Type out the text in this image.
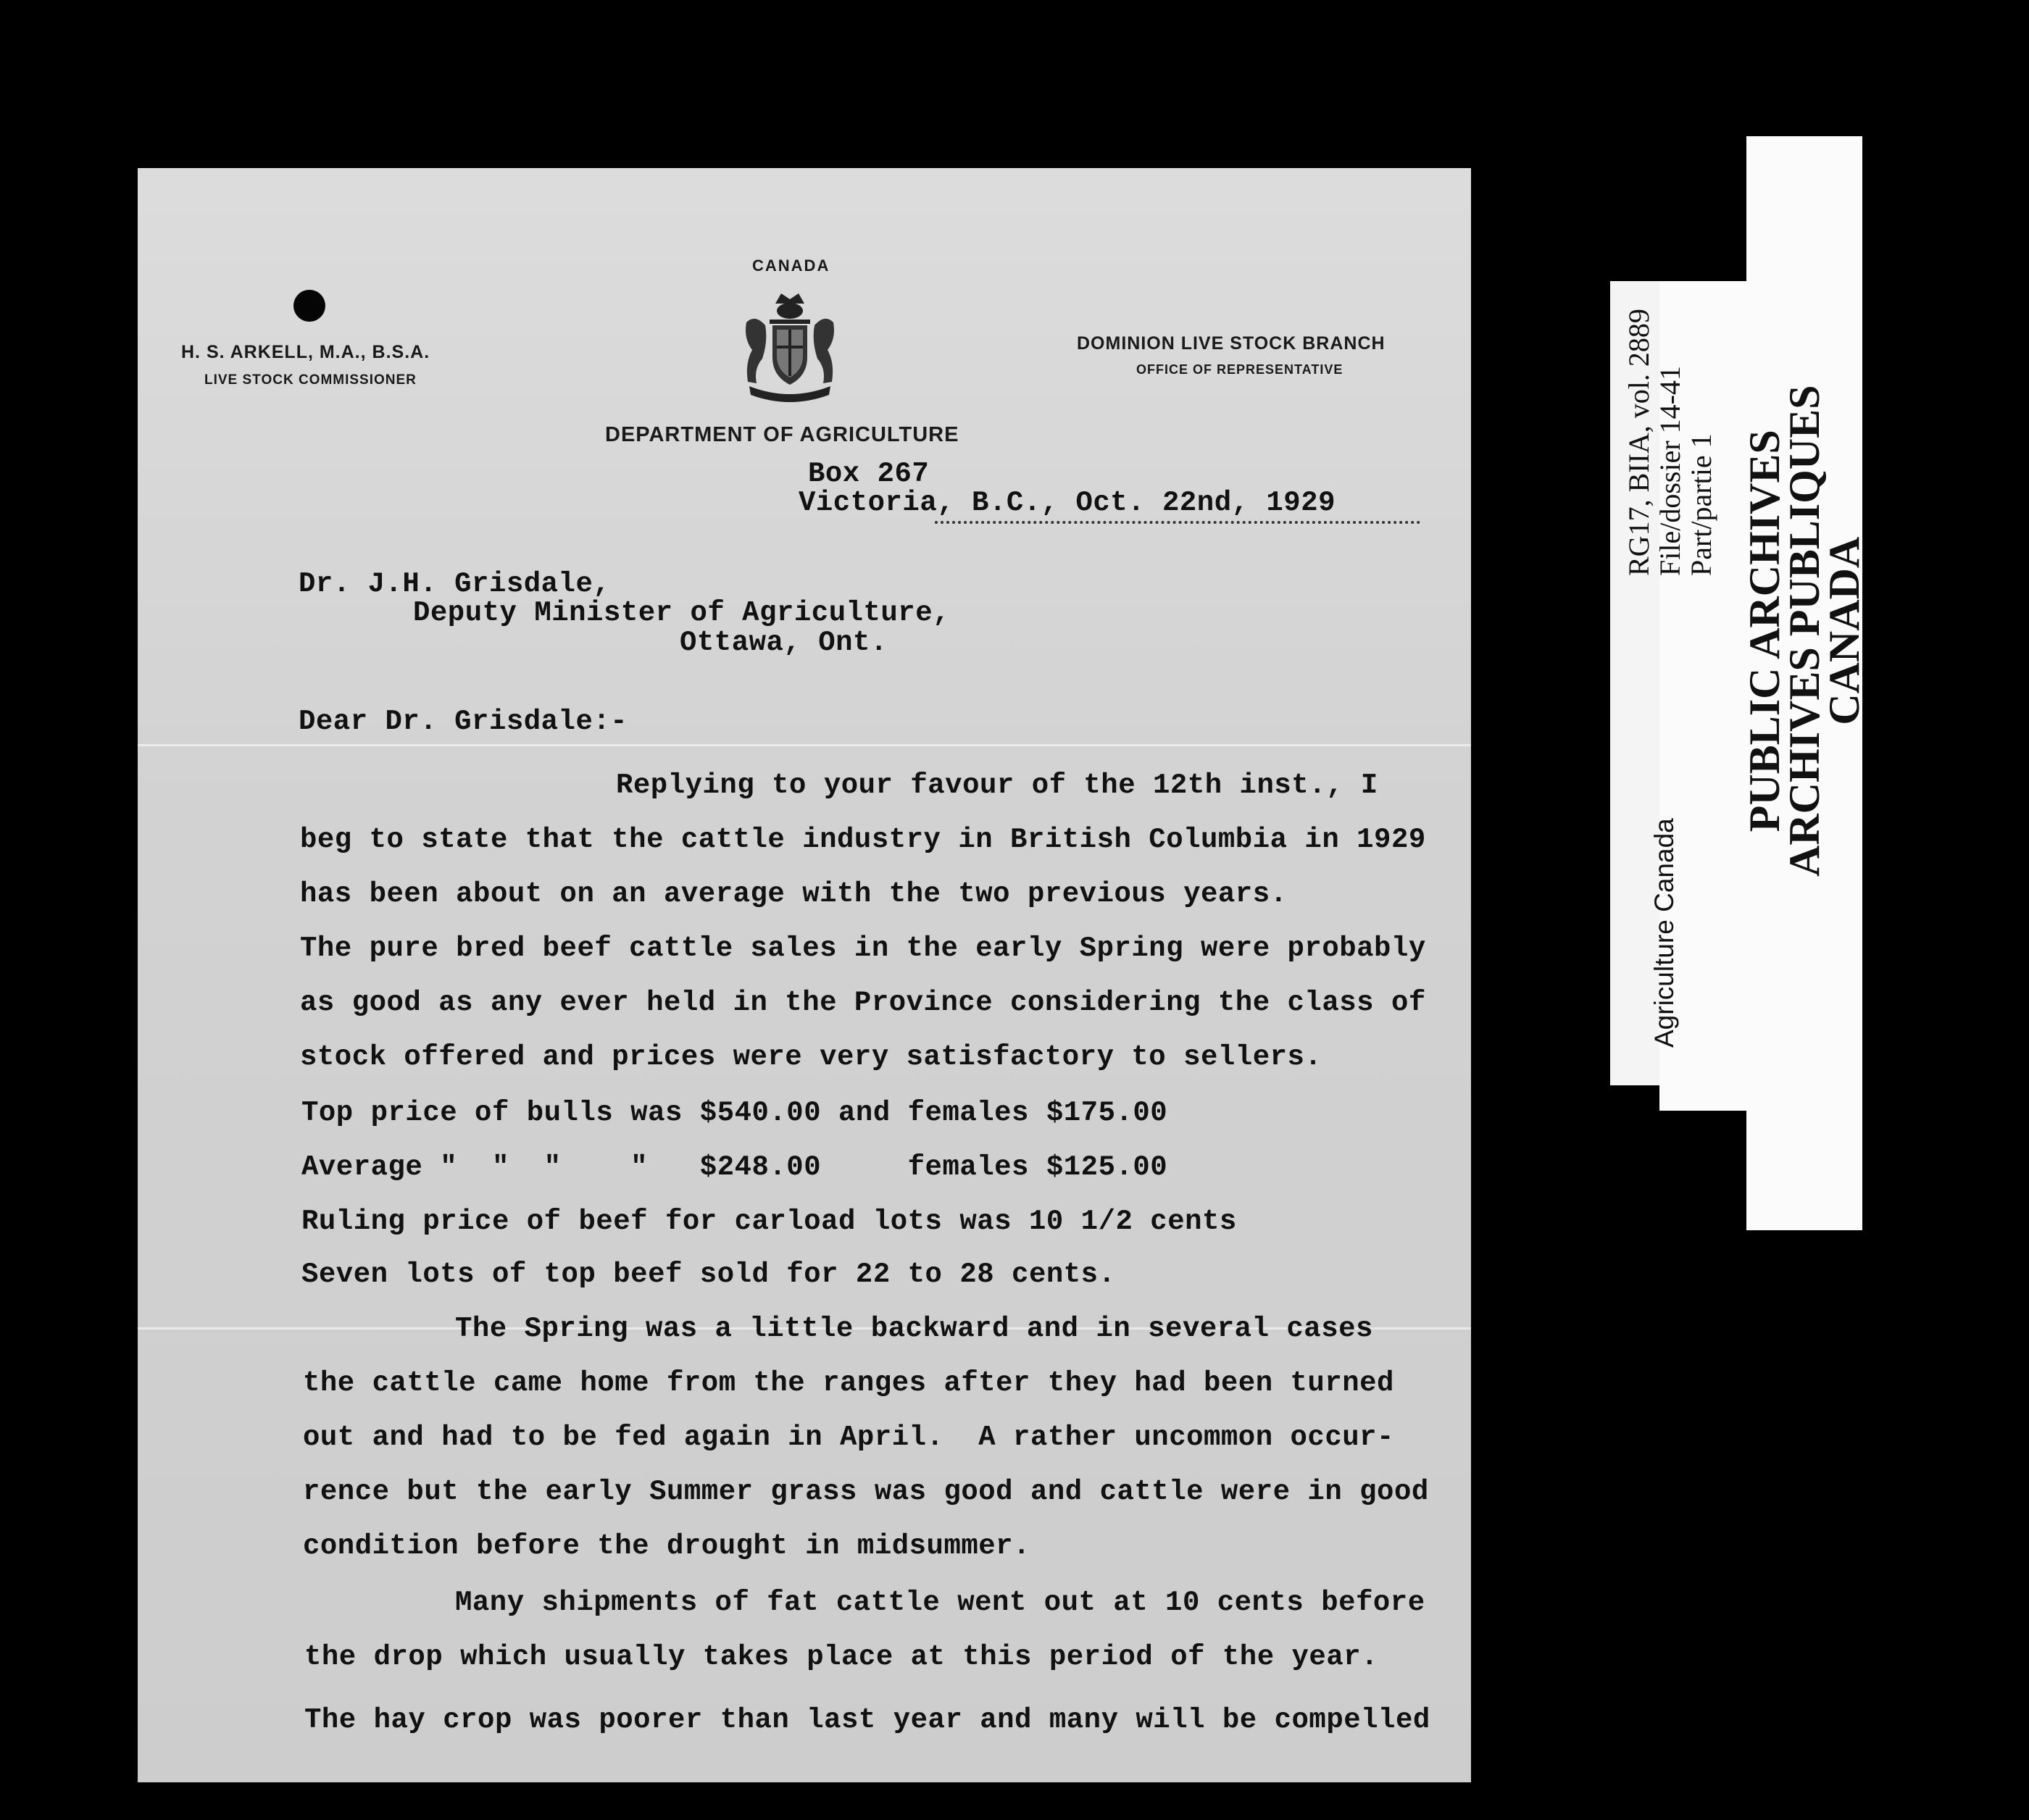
CANADA
H. S. ARKELL, M.A., B.S.A.
LIVE STOCK COMMISSIONER
DOMINION LIVE STOCK BRANCH
OFFICE OF REPRESENTATIVE
DEPARTMENT OF AGRICULTURE
Box 267
Victoria, B.C., Oct. 22nd, 1929
Dr. J.H. Grisdale,
Deputy Minister of Agriculture,
Ottawa, Ont.
Dear Dr. Grisdale:-
Replying to your favour of the 12th inst., I
beg to state that the cattle industry in British Columbia in 1929
has been about on an average with the two previous years.
The pure bred beef cattle sales in the early Spring were probably
as good as any ever held in the Province considering the class of
stock offered and prices were very satisfactory to sellers.
Top price of bulls was $540.00 and females $175.00
Average "  "  "    "   $248.00     females $125.00
Ruling price of beef for carload lots was 10 1/2 cents
Seven lots of top beef sold for 22 to 28 cents.
The Spring was a little backward and in several cases
the cattle came home from the ranges after they had been turned
out and had to be fed again in April.  A rather uncommon occur-
rence but the early Summer grass was good and cattle were in good
condition before the drought in midsummer.
Many shipments of fat cattle went out at 10 cents before
the drop which usually takes place at this period of the year.
The hay crop was poorer than last year and many will be compelled
RG17, BIIA, vol. 2889
File/dossier 14-41
Part/partie 1 PUBLIC ARCHIVES
ARCHIVES PUBLIQUES
CANADA
Agriculture Canada
